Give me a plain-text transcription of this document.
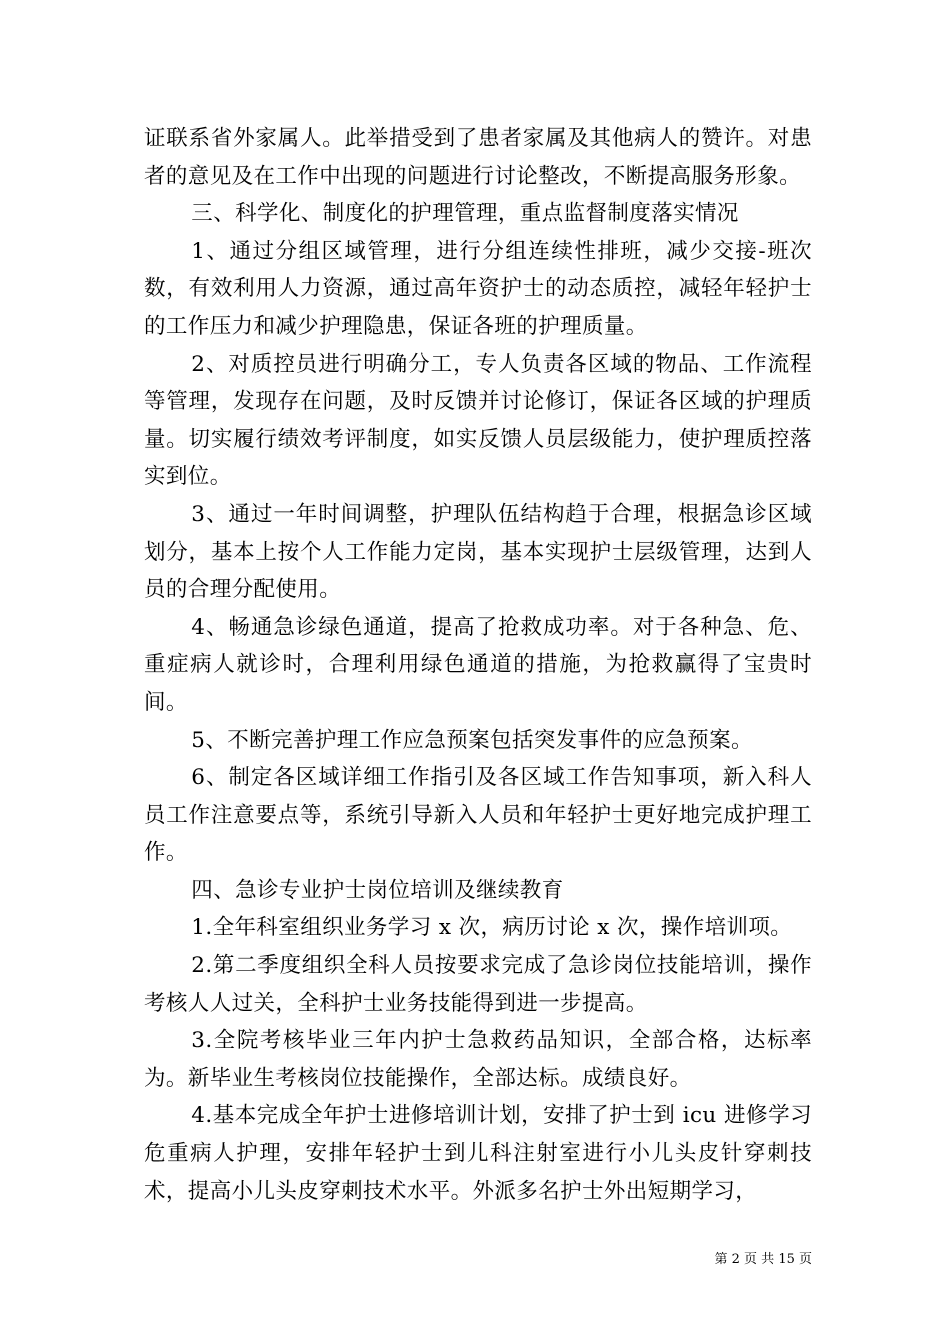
证联系省外家属人。此举措受到了患者家属及其他病人的赞许。对患者的意见及在工作中出现的问题进行讨论整改，不断提高服务形象。

三、科学化、制度化的护理管理，重点监督制度落实情况

1、通过分组区域管理，进行分组连续性排班，减少交接-班次数，有效利用人力资源，通过高年资护士的动态质控，减轻年轻护士的工作压力和减少护理隐患，保证各班的护理质量。

2、对质控员进行明确分工，专人负责各区域的物品、工作流程等管理，发现存在问题，及时反馈并讨论修订，保证各区域的护理质量。切实履行绩效考评制度，如实反馈人员层级能力，使护理质控落实到位。

3、通过一年时间调整，护理队伍结构趋于合理，根据急诊区域划分，基本上按个人工作能力定岗，基本实现护士层级管理，达到人员的合理分配使用。

4、畅通急诊绿色通道，提高了抢救成功率。对于各种急、危、重症病人就诊时，合理利用绿色通道的措施，为抢救赢得了宝贵时间。

5、不断完善护理工作应急预案包括突发事件的应急预案。

6、制定各区域详细工作指引及各区域工作告知事项，新入科人员工作注意要点等，系统引导新入人员和年轻护士更好地完成护理工作。

四、急诊专业护士岗位培训及继续教育

1.全年科室组织业务学习 x 次，病历讨论 x 次，操作培训项。

2.第二季度组织全科人员按要求完成了急诊岗位技能培训，操作考核人人过关，全科护士业务技能得到进一步提高。

3.全院考核毕业三年内护士急救药品知识，全部合格，达标率为。新毕业生考核岗位技能操作，全部达标。成绩良好。

4.基本完成全年护士进修培训计划，安排了护士到 icu 进修学习危重病人护理，安排年轻护士到儿科注射室进行小儿头皮针穿刺技术，提高小儿头皮穿刺技术水平。外派多名护士外出短期学习，

第 2 页 共 15 页
